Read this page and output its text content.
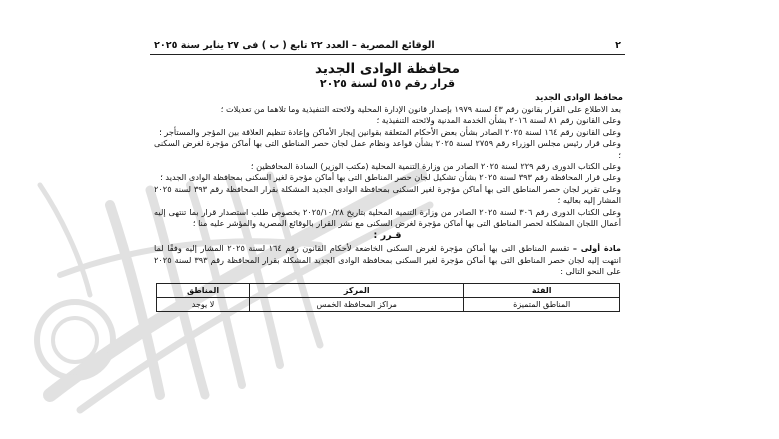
٢
الوقائع المصرية – العدد ٢٢ تابع ( ب ) فى ٢٧ يناير سنة ٢٠٢٥
محافظة الوادى الجديد
قرار رقم ٥١٥ لسنة ٢٠٢٥
محافظ الوادى الجديد

بعد الاطلاع على القرار بقانون رقم ٤٣ لسنة ١٩٧٩ بإصدار قانون الإدارة المحلية ولائحته التنفيذية وما تلاهما من تعديلات ؛

وعلى القانون رقم ٨١ لسنة ٢٠١٦ بشأن الخدمة المدنية ولائحته التنفيذية ؛

وعلى القانون رقم ١٦٤ لسنة ٢٠٢٥ الصادر بشأن بعض الأحكام المتعلقة بقوانين إيجار الأماكن وإعادة تنظيم العلاقة بين المؤجر والمستأجر ؛

وعلى قرار رئيس مجلس الوزراء رقم ٢٧٥٩ لسنة ٢٠٢٥ بشأن قواعد ونظام عمل لجان حصر المناطق التى بها أماكن مؤجرة لغرض السكنى ؛

وعلى الكتاب الدورى رقم ٢٢٩ لسنة ٢٠٢٥ الصادر من وزارة التنمية المحلية (مكتب الوزير) السادة المحافظين ؛

وعلى قرار المحافظة رقم ٣٩٣ لسنة ٢٠٢٥ بشأن تشكيل لجان حصر المناطق التى بها أماكن مؤجرة لغير السكنى بمحافظة الوادى الجديد ؛

وعلى تقرير لجان حصر المناطق التى بها أماكن مؤجرة لغير السكنى بمحافظة الوادى الجديد المشكلة بقرار المحافظة رقم ٣٩٣ لسنة ٢٠٢٥ المشار إليه بعاليه ؛

وعلى الكتاب الدورى رقم ٣٠٦ لسنة ٢٠٢٥ الصادر من وزارة التنمية المحلية بتاريخ ٢٠٢٥/١٠/٢٨ بخصوص طلب استصدار قرار بما تنتهى إليه أعمال اللجان المشكلة لحصر المناطق التى بها أماكن مؤجرة لغرض السكنى مع نشر القرار بالوقائع المصرية والمؤشر عليه منا ؛

قـرر :

مادة أولى – تقسم المناطق التى بها أماكن مؤجرة لغرض السكنى الخاضعة لأحكام القانون رقم ١٦٤ لسنة ٢٠٢٥ المشار إليه وفقًا لما انتهت إليه لجان حصر المناطق التى بها أماكن مؤجرة لغير السكنى بمحافظة الوادى الجديد المشكلة بقرار المحافظة رقم ٣٩٣ لسنة ٢٠٢٥ على النحو التالى :

الفئة	المركز	المناطق
المناطق المتميزة	مراكز المحافظة الخمس	لا يوجد
